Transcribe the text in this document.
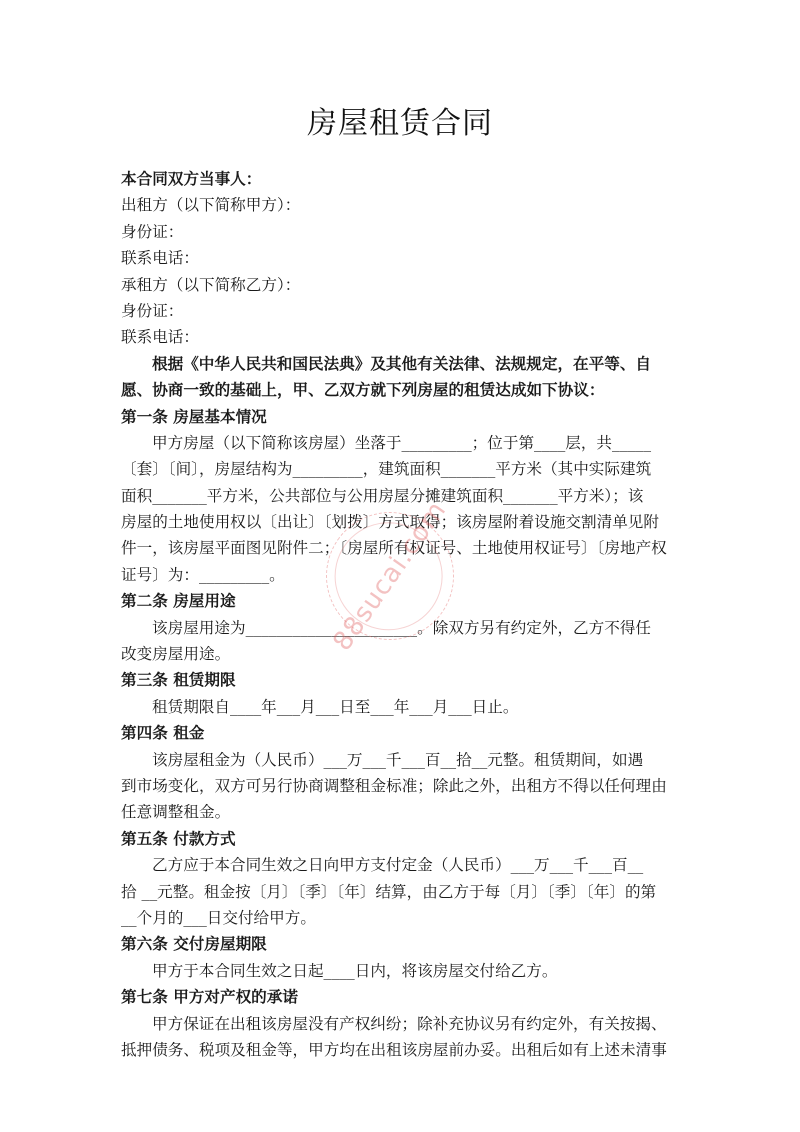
房屋租赁合同
本合同双方当事人：
出租方（以下简称甲方）：
身份证：
联系电话：
承租方（以下简称乙方）：
身份证：
联系电话：
根据《中华人民共和国民法典》及其他有关法律、法规规定，在平等、自
愿、协商一致的基础上，甲、乙双方就下列房屋的租赁达成如下协议：
第一条 房屋基本情况
甲方房屋（以下简称该房屋）坐落于_________；位于第____层，共_____
〔套〕〔间〕，房屋结构为_________，建筑面积_______平方米（其中实际建筑
面积_______平方米，公共部位与公用房屋分摊建筑面积_______平方米）；该
房屋的土地使用权以〔出让〕〔划拨〕方式取得；该房屋附着设施交割清单见附
件一，该房屋平面图见附件二；〔房屋所有权证号、土地使用权证号〕〔房地产权
证号〕为：_________。
第二条 房屋用途
该房屋用途为______________________。除双方另有约定外，乙方不得任
改变房屋用途。
第三条 租赁期限
租赁期限自____年___月___日至___年___月___日止。
第四条 租金
该房屋租金为（人民币）___万___千___百__拾__元整。租赁期间，如遇
到市场变化，双方可另行协商调整租金标准；除此之外，出租方不得以任何理由
任意调整租金。
第五条 付款方式
乙方应于本合同生效之日向甲方支付定金（人民币）___万___千___百__
拾 __元整。租金按〔月〕〔季〕〔年〕结算，由乙方于每〔月〕〔季〕〔年〕的第
__个月的___日交付给甲方。
第六条 交付房屋期限
甲方于本合同生效之日起____日内，将该房屋交付给乙方。
第七条 甲方对产权的承诺
甲方保证在出租该房屋没有产权纠纷；除补充协议另有约定外，有关按揭、
抵押债务、税项及租金等，甲方均在出租该房屋前办妥。出租后如有上述未清事
88sucai.com
